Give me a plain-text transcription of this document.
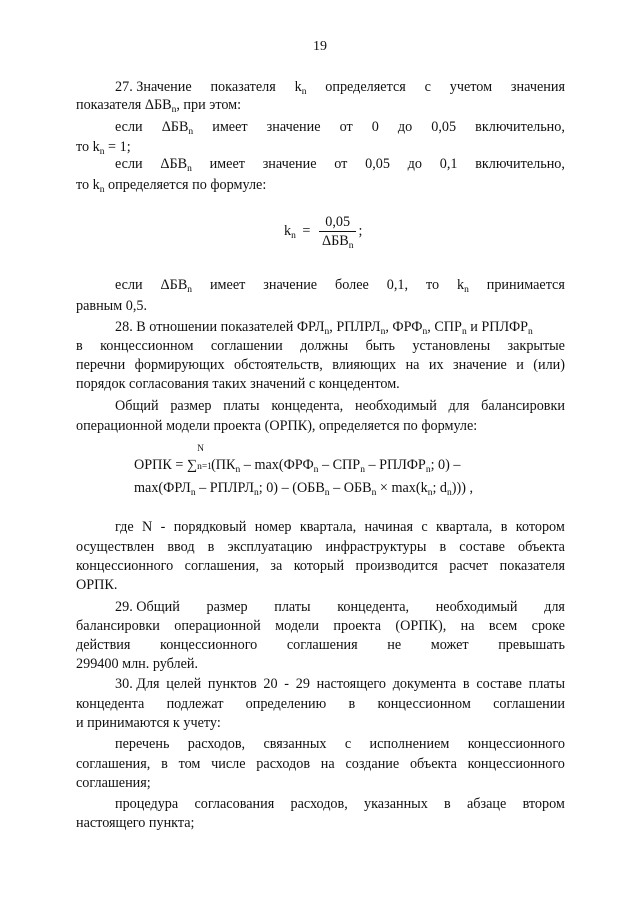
19
27. Значение показателя $k_n$ определяется с учетом значения
показателя $\Delta БВ_n$, при этом:
если $\Delta БВ_n$ имеет значение от 0 до 0,05 включительно,
то $k_n = 1$;
если $\Delta БВ_n$ имеет значение от 0,05 до 0,1 включительно,
то $k_n$ определяется по формуле:
$k_n = \frac{0,05}{\Delta БВ_n}$ ;
если $\Delta БВ_n$ имеет значение более 0,1, то $k_n$ принимается
равным 0,5.
28. В отношении показателей $ФРЛ_n$, $РПЛРЛ_n$, $ФРФ_n$, $СПР_n$ и $РПЛФР_n$
в концессионном соглашении должны быть установлены закрытые
перечни формирующих обстоятельств, влияющих на их значение и (или)
порядок согласования таких значений с концедентом.
Общий размер платы концедента, необходимый для балансировки
операционной модели проекта (ОРПК), определяется по формуле:
ОРПК = ∑
N
n=1 ($ПК_n - \max(ФРФ_n - СПР_n$ – $РПЛФР_n$; 0) –
$\max(ФРЛ_n$ – $РПЛРЛ_n$; $0) - (ОБВ_n - ОБВ_n \times \max(k_n$; $d_n$))) ,
где N - порядковый номер квартала, начиная с квартала, в котором
осуществлен ввод в эксплуатацию инфраструктуры в составе объекта
концессионного соглашения, за который производится расчет показателя
ОРПК.
29. Общий размер платы концедента, необходимый для
балансировки операционной модели проекта (ОРПК), на всем сроке
действия концессионного соглашения не может превышать
299400 млн. рублей.
30. Для целей пунктов 20 - 29 настоящего документа в составе платы
концедента подлежат определению в концессионном соглашении
и принимаются к учету:
перечень расходов, связанных с исполнением концессионного
соглашения, в том числе расходов на создание объекта концессионного
соглашения;
процедура согласования расходов, указанных в абзаце втором
настоящего пункта;
